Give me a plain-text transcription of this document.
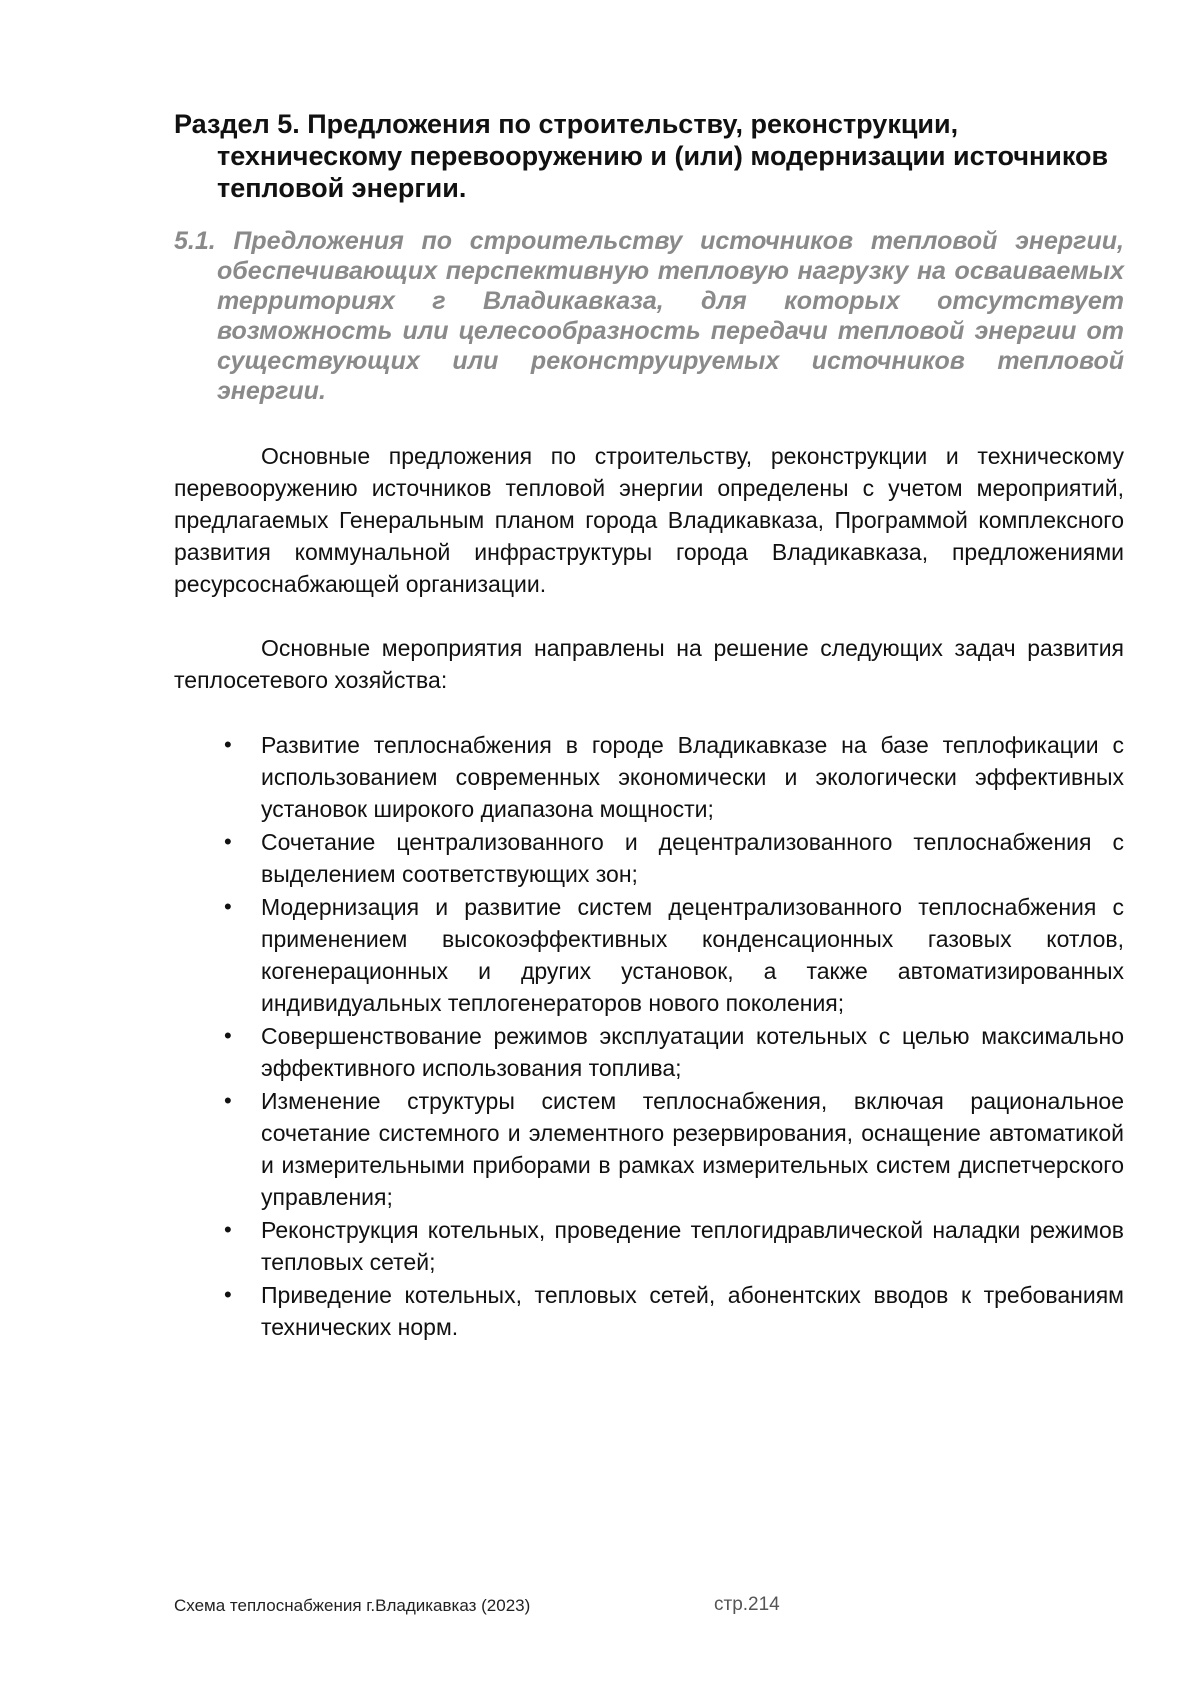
Раздел 5. Предложения по строительству, реконструкции, техническому перевооружению и (или) модернизации источников тепловой энергии.
5.1. Предложения по строительству источников тепловой энергии, обеспечивающих перспективную тепловую нагрузку на осваиваемых территориях г Владикавказа, для которых отсутствует возможность или целесообразность передачи тепловой энергии от существующих или реконструируемых источников тепловой энергии.

Основные предложения по строительству, реконструкции и техническому перевооружению источников тепловой энергии определены с учетом мероприятий, предлагаемых Генеральным планом города Владикавказа, Программой комплексного развития коммунальной инфраструктуры города Владикавказа, предложениями ресурсоснабжающей организации.

Основные мероприятия направлены на решение следующих задач развития теплосетевого хозяйства:

• Развитие теплоснабжения в городе Владикавказе на базе теплофикации с использованием современных экономически и экологически эффективных установок широкого диапазона мощности;
• Сочетание централизованного и децентрализованного теплоснабжения с выделением соответствующих зон;
• Модернизация и развитие систем децентрализованного теплоснабжения с применением высокоэффективных конденсационных газовых котлов, когенерационных и других установок, а также автоматизированных индивидуальных теплогенераторов нового поколения;
• Совершенствование режимов эксплуатации котельных с целью максимально эффективного использования топлива;
• Изменение структуры систем теплоснабжения, включая рациональное сочетание системного и элементного резервирования, оснащение автоматикой и измерительными приборами в рамках измерительных систем диспетчерского управления;
• Реконструкция котельных, проведение теплогидравлической наладки режимов тепловых сетей;
• Приведение котельных, тепловых сетей, абонентских вводов к требованиям технических норм.
Схема теплоснабжения г.Владикавказ (2023)	стр.214
